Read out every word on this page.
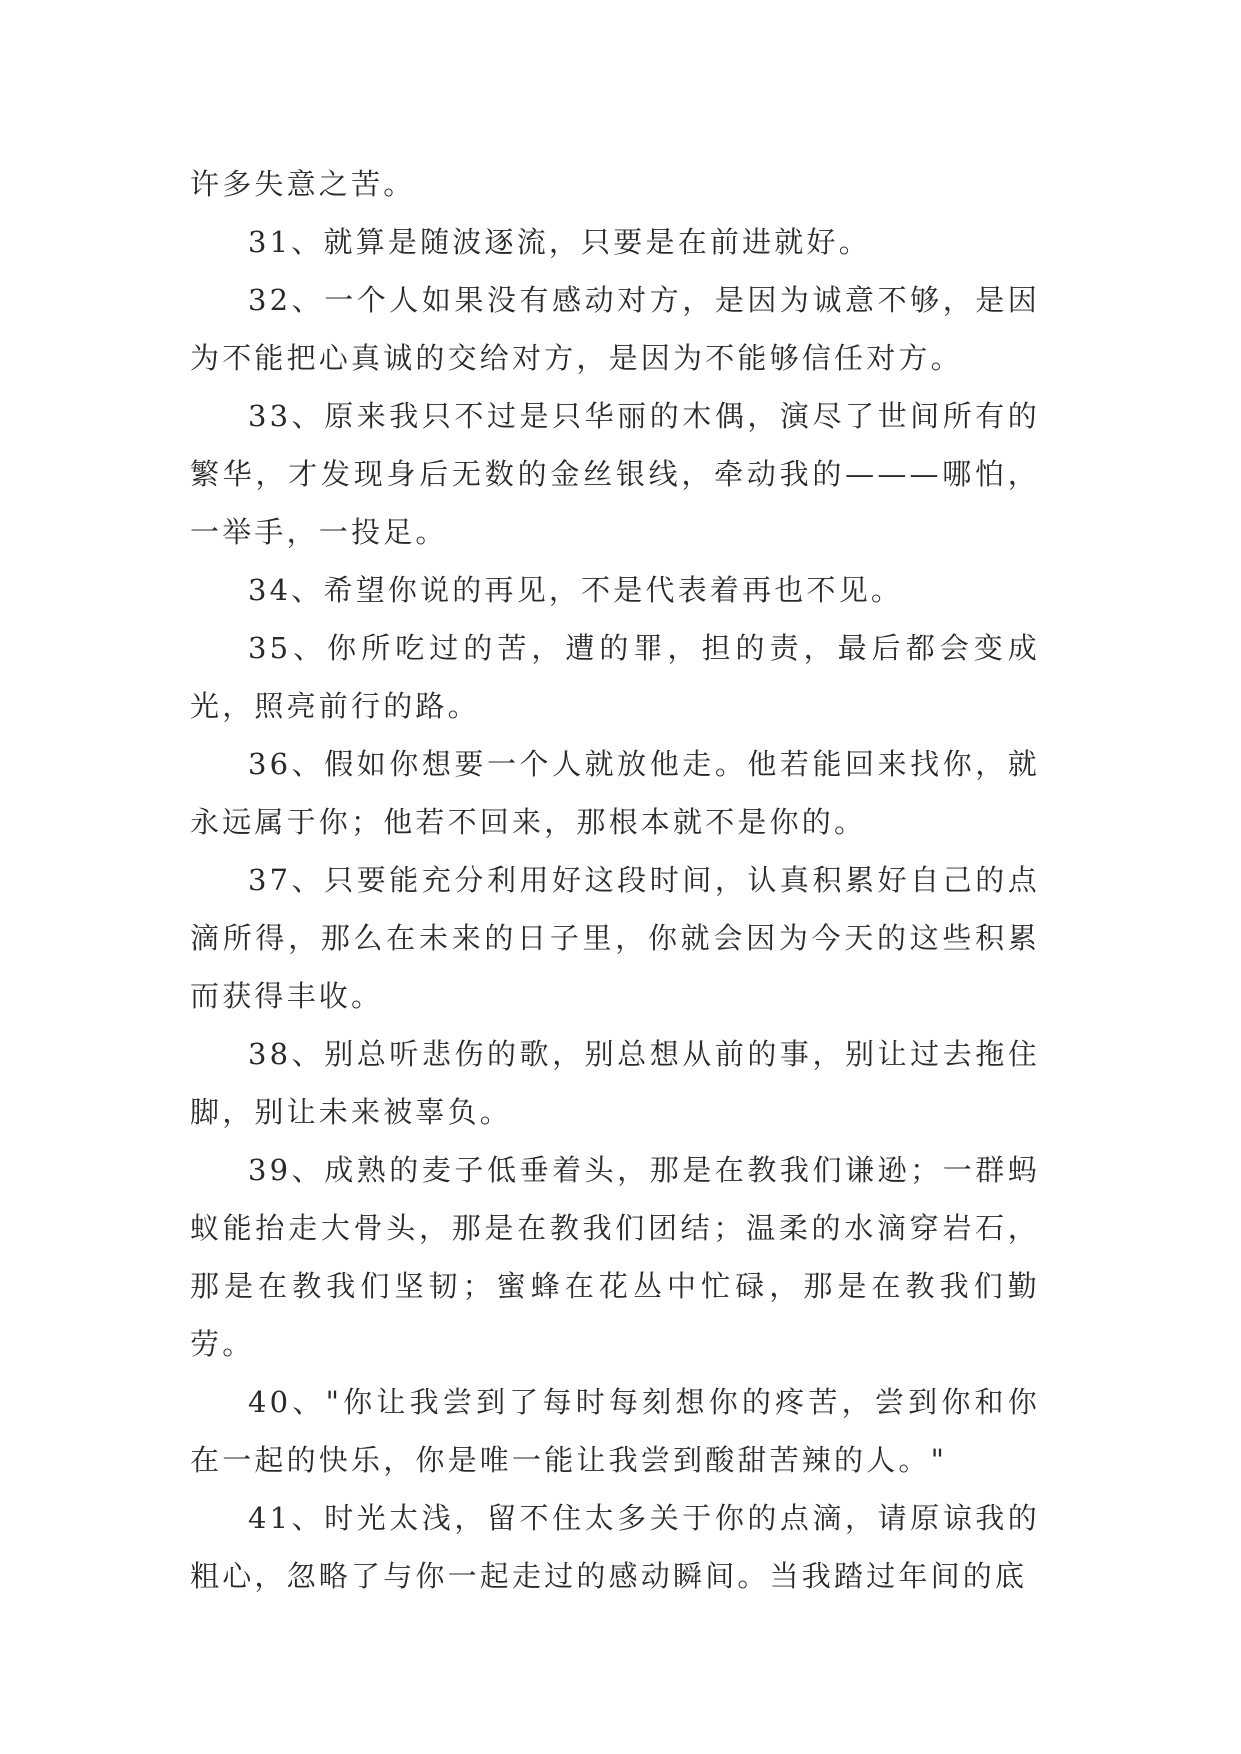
许多失意之苦。

31、就算是随波逐流，只要是在前进就好。

32、一个人如果没有感动对方，是因为诚意不够，是因为不能把心真诚的交给对方，是因为不能够信任对方。

33、原来我只不过是只华丽的木偶，演尽了世间所有的繁华，才发现身后无数的金丝银线，牵动我的———哪怕，一举手，一投足。

34、希望你说的再见，不是代表着再也不见。

35、你所吃过的苦，遭的罪，担的责，最后都会变成光，照亮前行的路。

36、假如你想要一个人就放他走。他若能回来找你，就永远属于你；他若不回来，那根本就不是你的。

37、只要能充分利用好这段时间，认真积累好自己的点滴所得，那么在未来的日子里，你就会因为今天的这些积累而获得丰收。

38、别总听悲伤的歌，别总想从前的事，别让过去拖住脚，别让未来被辜负。

39、成熟的麦子低垂着头，那是在教我们谦逊；一群蚂蚁能抬走大骨头，那是在教我们团结；温柔的水滴穿岩石，那是在教我们坚韧；蜜蜂在花丛中忙碌，那是在教我们勤劳。

40、"你让我尝到了每时每刻想你的疼苦，尝到你和你在一起的快乐，你是唯一能让我尝到酸甜苦辣的人。"

41、时光太浅，留不住太多关于你的点滴，请原谅我的粗心，忽略了与你一起走过的感动瞬间。当我踏过年间的底
